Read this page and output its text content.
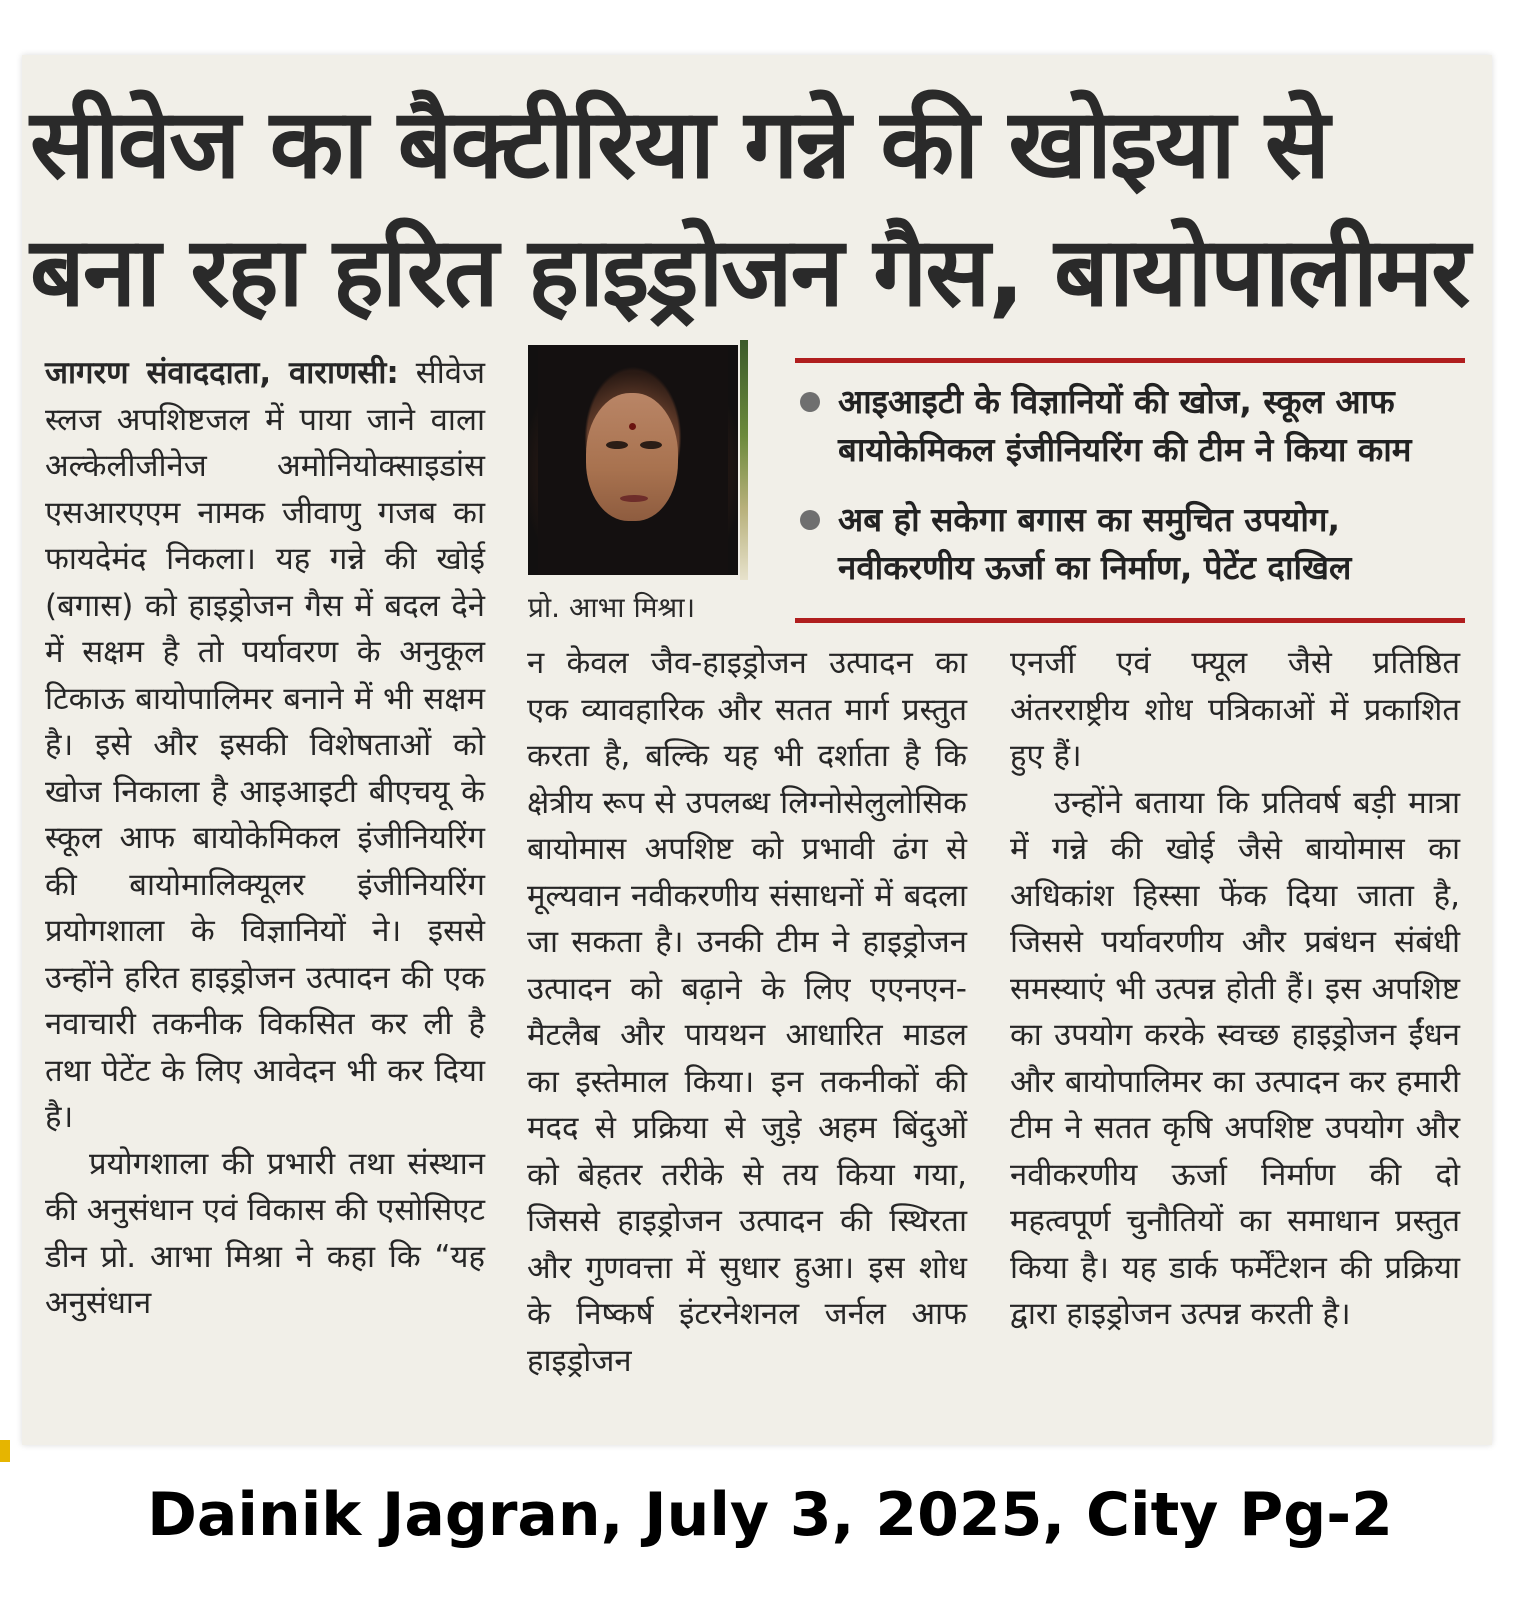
सीवेज का बैक्टीरिया गन्ने की खोइया से
बना रहा हरित हाइड्रोजन गैस, बायोपालीमर

जागरण संवाददाता, वाराणसी: सीवेज स्लज अपशिष्टजल में पाया जाने वाला अल्केलीजीनेज अमोनियोक्साइडांस एसआरएएम नामक जीवाणु गजब का फायदेमंद निकला। यह गन्ने की खोई (बगास) को हाइड्रोजन गैस में बदल देने में सक्षम है तो पर्यावरण के अनुकूल टिकाऊ बायोपालिमर बनाने में भी सक्षम है। इसे और इसकी विशेषताओं को खोज निकाला है आइआइटी बीएचयू के स्कूल आफ बायोकेमिकल इंजीनियरिंग की बायोमालिक्यूलर इंजीनियरिंग प्रयोगशाला के विज्ञानियों ने। इससे उन्होंने हरित हाइड्रोजन उत्पादन की एक नवाचारी तकनीक विकसित कर ली है तथा पेटेंट के लिए आवेदन भी कर दिया है।

प्रयोगशाला की प्रभारी तथा संस्थान की अनुसंधान एवं विकास की एसोसिएट डीन प्रो. आभा मिश्रा ने कहा कि “यह अनुसंधान

प्रो. आभा मिश्रा।
आइआइटी के विज्ञानियों की खोज, स्कूल आफ बायोकेमिकल इंजीनियरिंग की टीम ने किया काम
अब हो सकेगा बगास का समुचित उपयोग, नवीकरणीय ऊर्जा का निर्माण, पेटेंट दाखिल

न केवल जैव-हाइड्रोजन उत्पादन का एक व्यावहारिक और सतत मार्ग प्रस्तुत करता है, बल्कि यह भी दर्शाता है कि क्षेत्रीय रूप से उपलब्ध लिग्नोसेलुलोसिक बायोमास अपशिष्ट को प्रभावी ढंग से मूल्यवान नवीकरणीय संसाधनों में बदला जा सकता है। उनकी टीम ने हाइड्रोजन उत्पादन को बढ़ाने के लिए एएनएन-मैटलैब और पायथन आधारित माडल का इस्तेमाल किया। इन तकनीकों की मदद से प्रक्रिया से जुड़े अहम बिंदुओं को बेहतर तरीके से तय किया गया, जिससे हाइड्रोजन उत्पादन की स्थिरता और गुणवत्ता में सुधार हुआ। इस शोध के निष्कर्ष इंटरनेशनल जर्नल आफ हाइड्रोजन

एनर्जी एवं फ्यूल जैसे प्रतिष्ठित अंतरराष्ट्रीय शोध पत्रिकाओं में प्रकाशित हुए हैं।

उन्होंने बताया कि प्रतिवर्ष बड़ी मात्रा में गन्ने की खोई जैसे बायोमास का अधिकांश हिस्सा फेंक दिया जाता है, जिससे पर्यावरणीय और प्रबंधन संबंधी समस्याएं भी उत्पन्न होती हैं। इस अपशिष्ट का उपयोग करके स्वच्छ हाइड्रोजन ईंधन और बायोपालिमर का उत्पादन कर हमारी टीम ने सतत कृषि अपशिष्ट उपयोग और नवीकरणीय ऊर्जा निर्माण की दो महत्वपूर्ण चुनौतियों का समाधान प्रस्तुत किया है। यह डार्क फर्मेंटेशन की प्रक्रिया द्वारा हाइड्रोजन उत्पन्न करती है।

Dainik Jagran, July 3, 2025, City Pg-2
